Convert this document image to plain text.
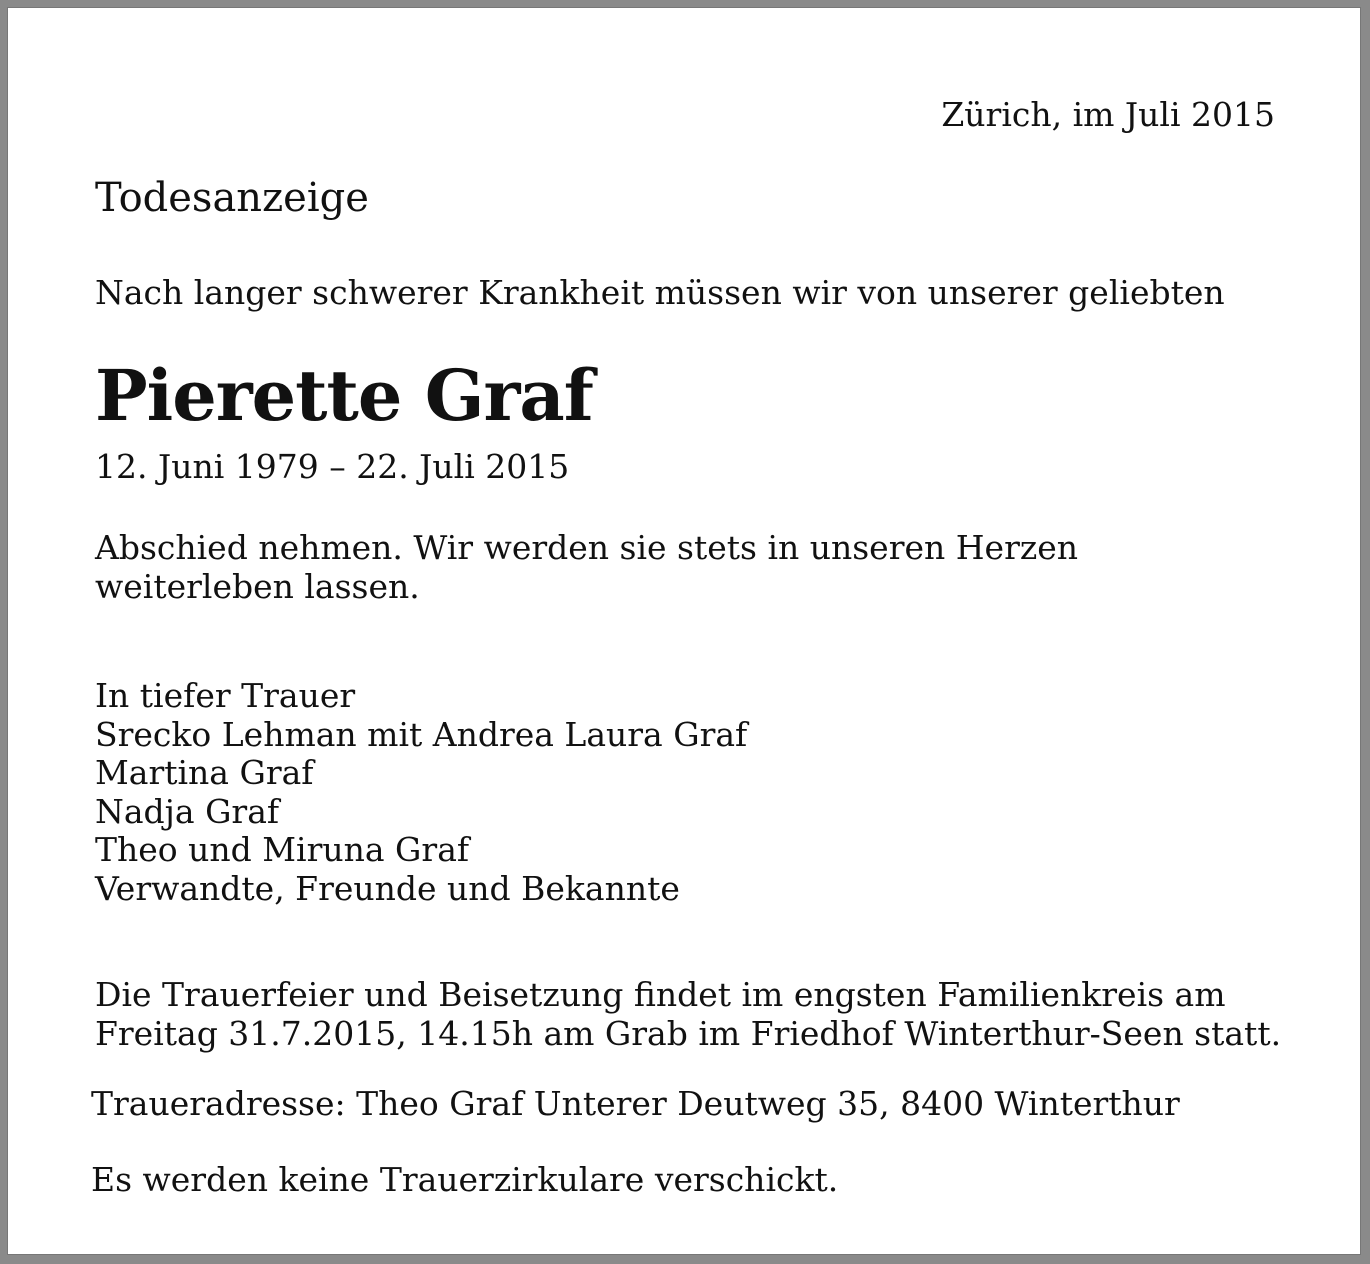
Zürich, im Juli 2015

Todesanzeige

Nach langer schwerer Krankheit müssen wir von unserer geliebten

Pierette Graf

12. Juni 1979 – 22. Juli 2015

Abschied nehmen. Wir werden sie stets in unseren Herzen
weiterleben lassen.

In tiefer Trauer
Srecko Lehman mit Andrea Laura Graf
Martina Graf
Nadja Graf
Theo und Miruna Graf
Verwandte, Freunde und Bekannte

Die Trauerfeier und Beisetzung findet im engsten Familienkreis am
Freitag 31.7.2015, 14.15h am Grab im Friedhof Winterthur-Seen statt.

Traueradresse: Theo Graf Unterer Deutweg 35, 8400 Winterthur

Es werden keine Trauerzirkulare verschickt.
